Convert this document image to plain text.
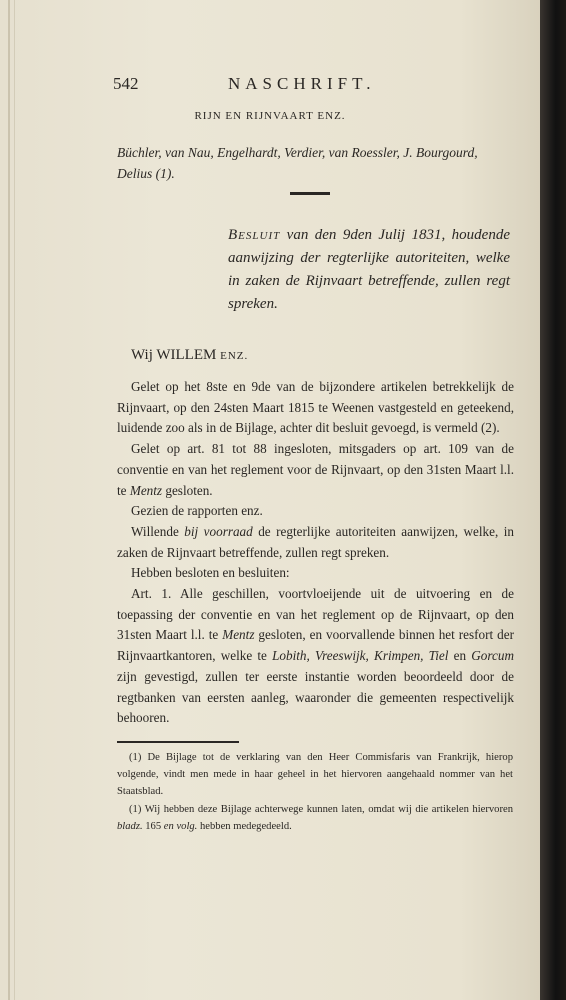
542	NASCHRIFT.
RIJN EN RIJNVAART ENZ.
Büchler, van Nau, Engelhardt, Verdier, van Roessler, J. Bourgourd, Delius (1).
Besluit van den 9den Julij 1831, houdende aanwijzing der regterlijke autoriteiten, welke in zaken de Rijnvaart betreffende, zullen regt spreken.
Wij WILLEM ENZ.

Gelet op het 8ste en 9de van de bijzondere artikelen betrekkelijk de Rijnvaart, op den 24sten Maart 1815 te Weenen vastgesteld en geteekend, luidende zoo als in de Bijlage, achter dit besluit gevoegd, is vermeld (2).

Gelet op art. 81 tot 88 ingesloten, mitsgaders op art. 109 van de conventie en van het reglement voor de Rijnvaart, op den 31sten Maart l.l. te Mentz gesloten.

Gezien de rapporten enz.

Willende bij voorraad de regterlijke autoriteiten aanwijzen, welke, in zaken de Rijnvaart betreffende, zullen regt spreken.

Hebben besloten en besluiten:

Art. 1. Alle geschillen, voortvloeijende uit de uitvoering en de toepassing der conventie en van het reglement op de Rijnvaart, op den 31sten Maart l.l. te Mentz gesloten, en voorvallende binnen het resfort der Rijnvaartkantoren, welke te Lobith, Vreeswijk, Krimpen, Tiel en Gorcum zijn gevestigd, zullen ter eerste instantie worden beoordeeld door de regtbanken van eersten aanleg, waaronder die gemeenten respectivelijk behooren.

(1) De Bijlage tot de verklaring van den Heer Commisfaris van Frankrijk, hierop volgende, vindt men mede in haar geheel in het hiervoren aangehaald nommer van het Staatsblad.

(1) Wij hebben deze Bijlage achterwege kunnen laten, omdat wij die artikelen hiervoren bladz. 165 en volg. hebben medegedeeld.
